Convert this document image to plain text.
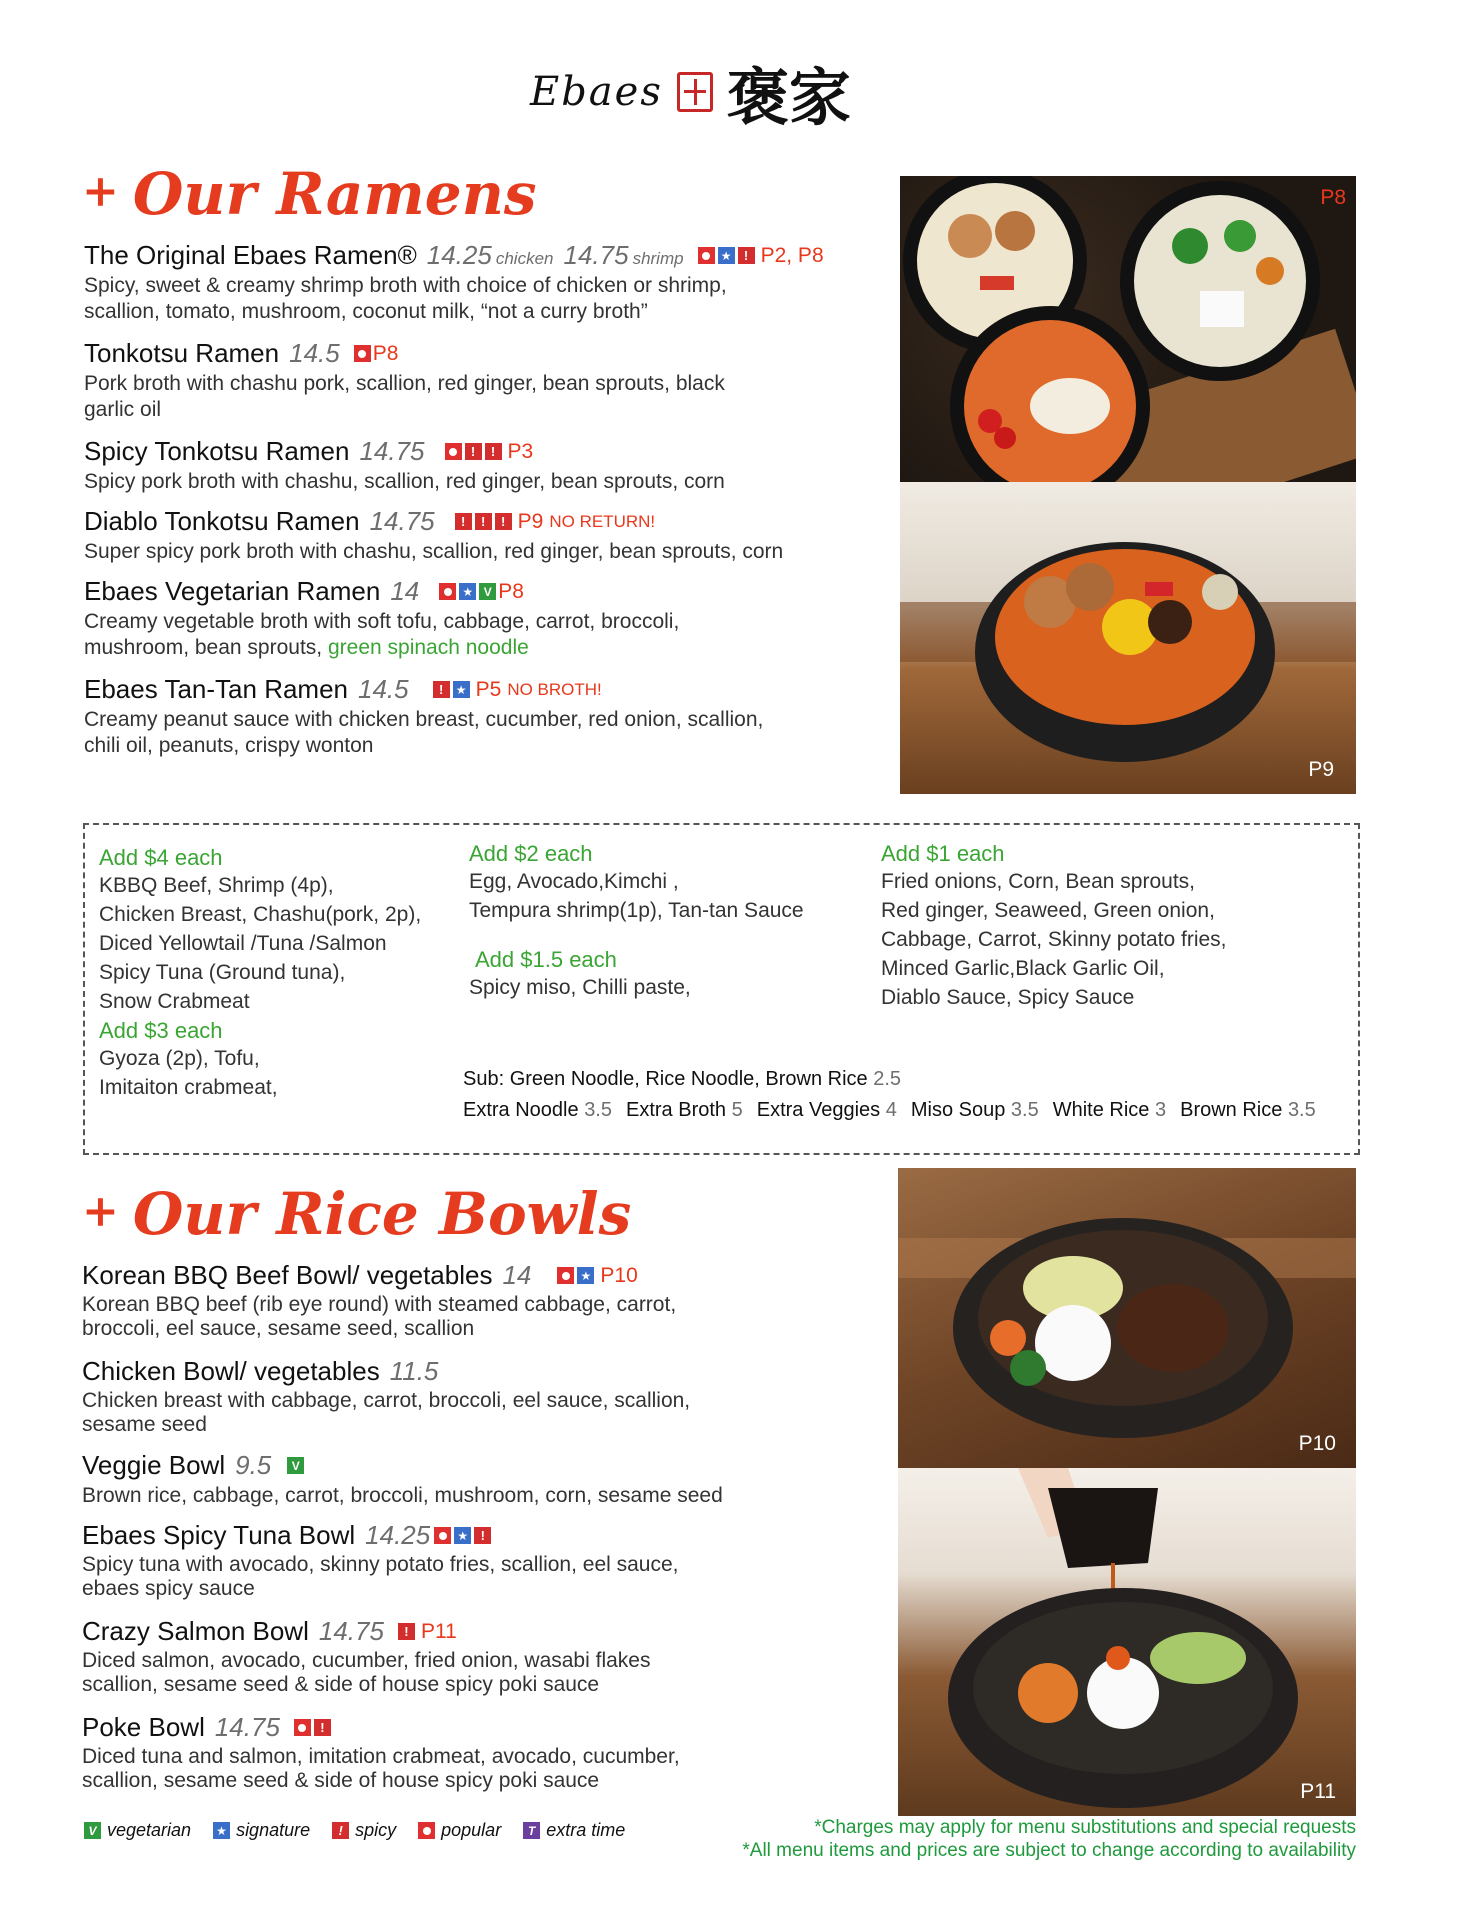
Ebaes 褒家
+ Our Ramens
The Original Ebaes Ramen® 14.25 chicken 14.75 shrimp	★ ! P2, P8
Spicy, sweet & creamy shrimp broth with choice of chicken or shrimp, scallion, tomato, mushroom, coconut milk, “not a curry broth”
Tonkotsu Ramen 14.5 P8
Pork broth with chashu pork, scallion, red ginger, bean sprouts, black garlic oil
Spicy Tonkotsu Ramen 14.75	!	! P3
Spicy pork broth with chashu, scallion, red ginger, bean sprouts, corn
Diablo Tonkotsu Ramen 14.75	!	!	! P9 NO RETURN!
Super spicy pork broth with chashu, scallion, red ginger, bean sprouts, corn
Ebaes Vegetarian Ramen 14	★ V P8
Creamy vegetable broth with soft tofu, cabbage, carrot, broccoli,
mushroom, bean sprouts, green spinach noodle
Ebaes Tan-Tan Ramen 14.5	!	★ P5 NO BROTH!
Creamy peanut sauce with chicken breast, cucumber, red onion, scallion, chili oil, peanuts, crispy wonton
P8
P9
Add $4 each
KBBQ Beef, Shrimp (4p),
Chicken Breast, Chashu(pork, 2p),
Diced Yellowtail /Tuna /Salmon
Spicy Tuna (Ground tuna),
Snow Crabmeat
Add $3 each
Gyoza (2p), Tofu,
Imitaiton crabmeat,
Add $2 each
Egg, Avocado,Kimchi ,
Tempura shrimp(1p), Tan-tan Sauce
Add $1.5 each
Spicy miso, Chilli paste,
Add $1 each
Fried onions, Corn, Bean sprouts,
Red ginger, Seaweed, Green onion,
Cabbage, Carrot, Skinny potato fries,
Minced Garlic,Black Garlic Oil,
Diablo Sauce, Spicy Sauce
Sub: Green Noodle, Rice Noodle, Brown Rice 2.5
Extra Noodle 3.5 Extra Broth 5 Extra Veggies 4 Miso Soup 3.5 White Rice 3 Brown Rice 3.5
+ Our Rice Bowls
Korean BBQ Beef Bowl/ vegetables 14	★ P10
Korean BBQ beef (rib eye round) with steamed cabbage, carrot, broccoli, eel sauce, sesame seed, scallion
Chicken Bowl/ vegetables 11.5
Chicken breast with cabbage, carrot, broccoli, eel sauce, scallion, sesame seed
Veggie Bowl 9.5	V
Brown rice, cabbage, carrot, broccoli, mushroom, corn, sesame seed
Ebaes Spicy Tuna Bowl 14.25 ★ !
Spicy tuna with avocado, skinny potato fries, scallion, eel sauce, ebaes spicy sauce
Crazy Salmon Bowl 14.75	! P11
Diced salmon, avocado, cucumber, fried onion, wasabi flakes scallion, sesame seed & side of house spicy poki sauce
Poke Bowl 14.75	!
Diced tuna and salmon, imitation crabmeat, avocado, cucumber, scallion, sesame seed & side of house spicy poki sauce
P10
P11
V vegetarian ★ signature	! spicy	popular	T extra time	*Charges may apply for menu substitutions and special requests
*All menu items and prices are subject to change according to availability
